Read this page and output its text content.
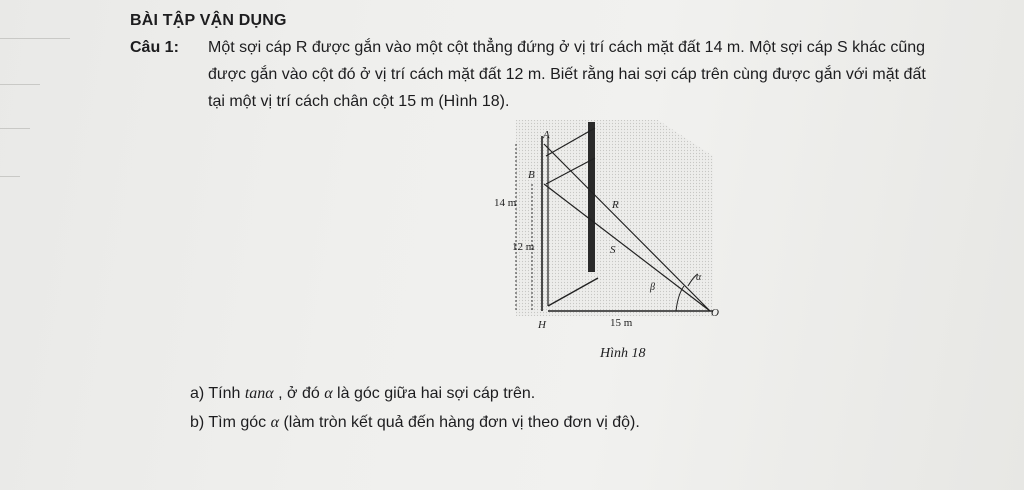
BÀI TẬP VẬN DỤNG
Câu 1: Một sợi cáp R được gắn vào một cột thẳng đứng ở vị trí cách mặt đất 14 m. Một sợi cáp S khác cũng
được gắn vào cột đó ở vị trí cách mặt đất 12 m. Biết rằng hai sợi cáp trên cùng được gắn với mặt đất
tại một vị trí cách chân cột 15 m (Hình 18).
A
B
14 m
12 m
R
S
β
α
H	15 m
O
Hình 18
a) Tính tanα , ở đó α là góc giữa hai sợi cáp trên.
b) Tìm góc α (làm tròn kết quả đến hàng đơn vị theo đơn vị độ).
